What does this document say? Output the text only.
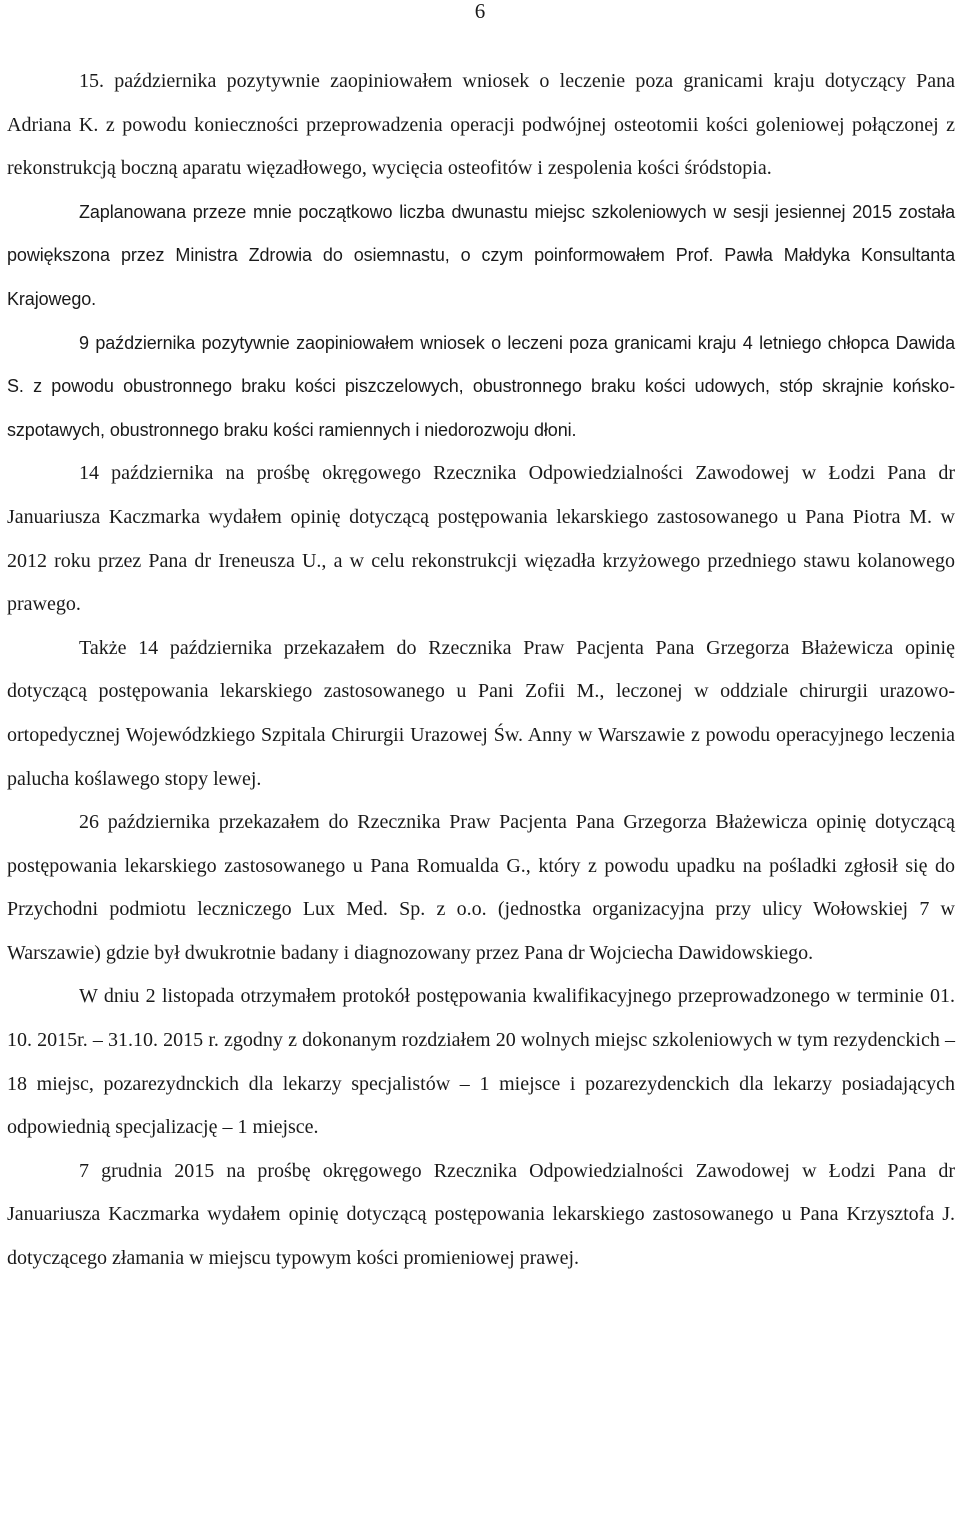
6

15. października pozytywnie zaopiniowałem wniosek o leczenie poza granicami kraju dotyczący Pana Adriana K. z powodu konieczności przeprowadzenia operacji podwójnej osteotomii kości goleniowej połączonej z rekonstrukcją boczną aparatu więzadłowego, wycięcia osteofitów i zespolenia kości śródstopia.

Zaplanowana przeze mnie początkowo liczba dwunastu miejsc szkoleniowych w sesji jesiennej 2015 została powiększona przez Ministra Zdrowia do osiemnastu, o czym poinformowałem Prof. Pawła Małdyka Konsultanta Krajowego.

9 października pozytywnie zaopiniowałem wniosek o leczeni poza granicami kraju 4 letniego chłopca Dawida S. z powodu obustronnego braku kości piszczelowych, obustronnego braku kości udowych, stóp skrajnie końsko-szpotawych, obustronnego braku kości ramiennych i niedorozwoju dłoni.

14 października na prośbę okręgowego Rzecznika Odpowiedzialności Zawodowej w Łodzi Pana dr Januariusza Kaczmarka wydałem opinię dotyczącą postępowania lekarskiego zastosowanego u Pana Piotra M. w 2012 roku przez Pana dr Ireneusza U., a w celu rekonstrukcji więzadła krzyżowego przedniego stawu kolanowego prawego.

Także 14 października przekazałem do Rzecznika Praw Pacjenta Pana Grzegorza Błażewicza opinię dotyczącą postępowania lekarskiego zastosowanego u Pani Zofii M., leczonej w oddziale chirurgii urazowo-ortopedycznej Wojewódzkiego Szpitala Chirurgii Urazowej Św. Anny w Warszawie z powodu operacyjnego leczenia palucha koślawego stopy lewej.

26 października przekazałem do Rzecznika Praw Pacjenta Pana Grzegorza Błażewicza opinię dotyczącą postępowania lekarskiego zastosowanego u Pana Romualda G., który z powodu upadku na pośladki zgłosił się do Przychodni podmiotu leczniczego Lux Med. Sp. z o.o. (jednostka organizacyjna przy ulicy Wołowskiej 7 w Warszawie) gdzie był dwukrotnie badany i diagnozowany przez Pana dr Wojciecha Dawidowskiego.

W dniu 2 listopada otrzymałem protokół postępowania kwalifikacyjnego przeprowadzonego w terminie 01. 10. 2015r. – 31.10. 2015 r. zgodny z dokonanym rozdziałem 20 wolnych miejsc szkoleniowych w tym rezydenckich – 18 miejsc, pozarezydnckich dla lekarzy specjalistów – 1 miejsce i pozarezydenckich dla lekarzy posiadających odpowiednią specjalizację – 1 miejsce.

7 grudnia 2015 na prośbę okręgowego Rzecznika Odpowiedzialności Zawodowej w Łodzi Pana dr Januariusza Kaczmarka wydałem opinię dotyczącą postępowania lekarskiego zastosowanego u Pana Krzysztofa J. dotyczącego złamania w miejscu typowym kości promieniowej prawej.
